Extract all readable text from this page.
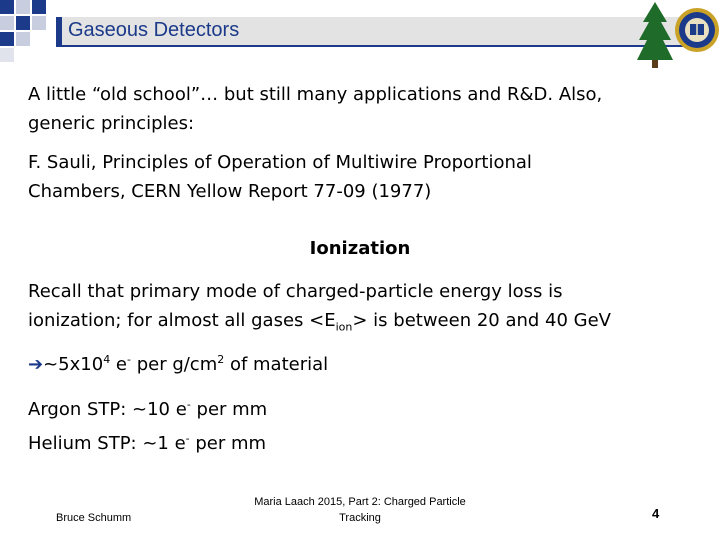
Gaseous Detectors
A little “old school”… but still many applications and R&D. Also,
generic principles:
F. Sauli, Principles of Operation of Multiwire Proportional
Chambers, CERN Yellow Report 77-09 (1977)
Ionization
Recall that primary mode of charged-particle energy loss is
ionization; for almost all gases $<E_{ion}>$ is between 20 and 40 GeV
$➔\sim 5x10^4$ e- per $g/cm^2$ of material
Argon STP: ~10 e- per mm
Helium STP: ~1 e- per mm
Bruce Schumm
Maria Laach 2015, Part 2: Charged Particle
Tracking	4
